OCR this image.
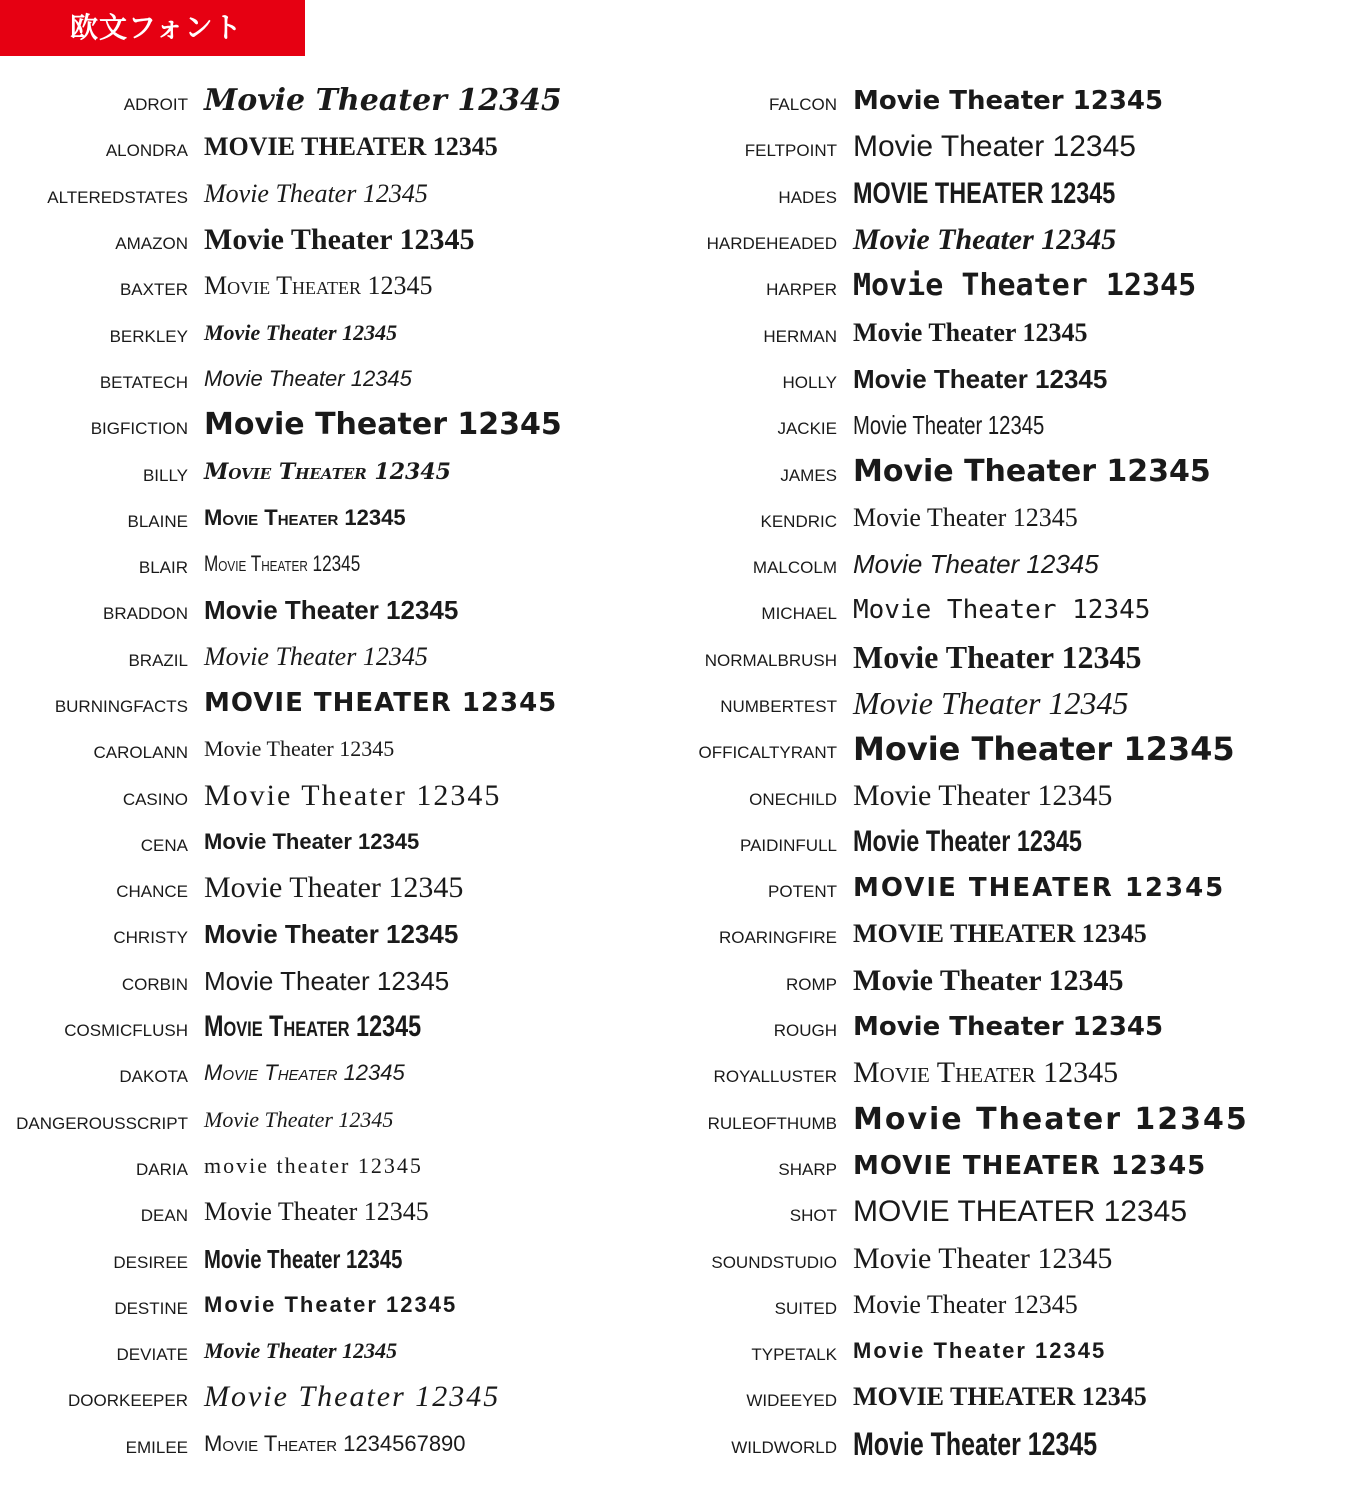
欧文フォント
ADROIT Movie Theater 12345
ALONDRA MOVIE THEATER 12345
ALTEREDSTATES Movie Theater 12345
AMAZON Movie Theater 12345
BAXTER Movie Theater 12345
BERKLEY Movie Theater 12345
BETATECH Movie Theater 12345
BIGFICTION Movie Theater 12345
BILLY Movie Theater 12345
BLAINE Movie Theater 12345
BLAIR Movie Theater 12345
BRADDON Movie Theater 12345
BRAZIL Movie Theater 12345
BURNINGFACTS MOVIE THEATER 12345
CAROLANN Movie Theater 12345
CASINO Movie Theater 12345
CENA Movie Theater 12345
CHANCE Movie Theater 12345
CHRISTY Movie Theater 12345
CORBIN Movie Theater 12345
COSMICFLUSH Movie Theater 12345
DAKOTA Movie Theater 12345
DANGEROUSSCRIPT Movie Theater 12345
DARIA movie theater 12345
DEAN Movie Theater 12345
DESIREE Movie Theater 12345
DESTINE Movie Theater 12345
DEVIATE Movie Theater 12345
DOORKEEPER Movie Theater 12345
EMILEE Movie Theater 1234567890
FALCON Movie Theater 12345
FELTPOINT Movie Theater 12345
HADES MOVIE THEATER 12345
HARDEHEADED Movie Theater 12345
HARPER Movie Theater 12345
HERMAN Movie Theater 12345
HOLLY Movie Theater 12345
JACKIE Movie Theater 12345
JAMES Movie Theater 12345
KENDRIC Movie Theater 12345
MALCOLM Movie Theater 12345
MICHAEL Movie Theater 12345
NORMALBRUSH Movie Theater 12345
NUMBERTEST Movie Theater 12345
OFFICALTYRANT Movie Theater 12345
ONECHILD Movie Theater 12345
PAIDINFULL Movie Theater 12345
POTENT MOVIE THEATER 12345
ROARINGFIRE MOVIE THEATER 12345
ROMP Movie Theater 12345
ROUGH Movie Theater 12345
ROYALLUSTER Movie Theater 12345
RULEOFTHUMB Movie Theater 12345
SHARP MOVIE THEATER 12345
SHOT MOVIE THEATER 12345
SOUNDSTUDIO Movie Theater 12345
SUITED Movie Theater 12345
TYPETALK Movie Theater 12345
WIDEEYED MOVIE THEATER 12345
WILDWORLD Movie Theater 12345
